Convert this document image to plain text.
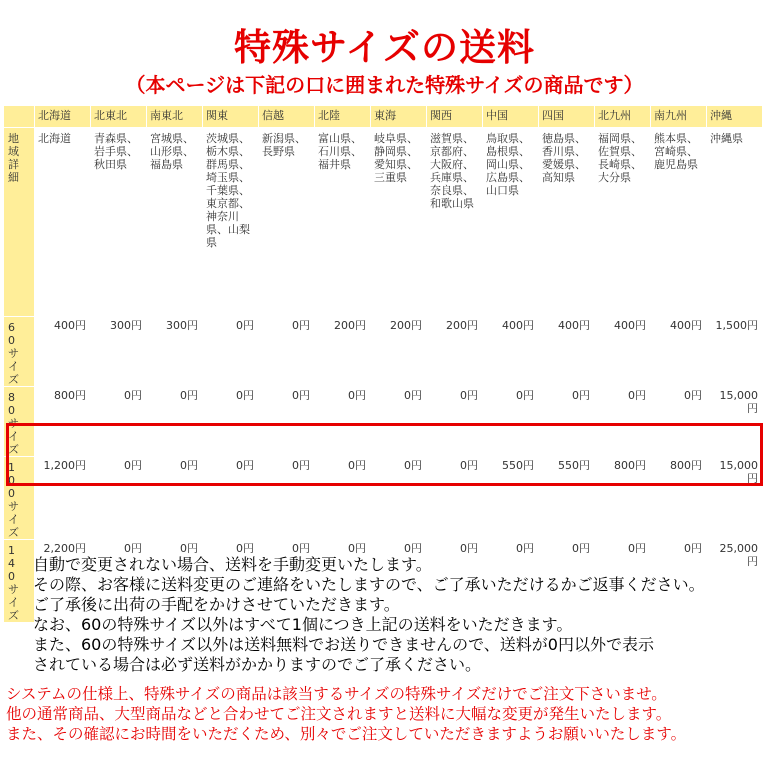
特殊サイズの送料
（本ページは下記の口に囲まれた特殊サイズの商品です）
	北海道	北東北	南東北	関東	信越	北陸	東海	関西	中国	四国	北九州	南九州	沖縄

地域詳細	北海道	青森県、岩手県、秋田県	宮城県、山形県、福島県	茨城県、栃木県、群馬県、埼玉県、千葉県、東京都、神奈川県、山梨県	新潟県、長野県	富山県、石川県、福井県	岐阜県、静岡県、愛知県、三重県	滋賀県、京都府、大阪府、兵庫県、奈良県、和歌山県	鳥取県、島根県、岡山県、広島県、山口県	徳島県、香川県、愛媛県、高知県	福岡県、佐賀県、長崎県、大分県	熊本県、宮崎県、鹿児島県	沖縄県

60サイズ	400円	300円	300円	0円	0円	200円	200円	200円	400円	400円	400円	400円	1,500円

80サイズ	800円	0円	0円	0円	0円	0円	0円	0円	0円	0円	0円	0円	15,000円

100サイズ	1,200円	0円	0円	0円	0円	0円	0円	0円	550円	550円	800円	800円	15,000円

140サイズ	2,200円	0円	0円	0円	0円	0円	0円	0円	0円	0円	0円	0円	25,000円

自動で変更されない場合、送料を手動変更いたします。

その際、お客様に送料変更のご連絡をいたしますので、ご了承いただけるかご返事ください。

ご了承後に出荷の手配をかけさせていただきます。

なお、60の特殊サイズ以外はすべて1個につき上記の送料をいただきます。

また、60の特殊サイズ以外は送料無料でお送りできませんので、送料が0円以外で表示

されている場合は必ず送料がかかりますのでご了承ください。

システムの仕様上、特殊サイズの商品は該当するサイズの特殊サイズだけでご注文下さいませ。

他の通常商品、大型商品などと合わせてご注文されますと送料に大幅な変更が発生いたします。

また、その確認にお時間をいただくため、別々でご注文していただきますようお願いいたします。
